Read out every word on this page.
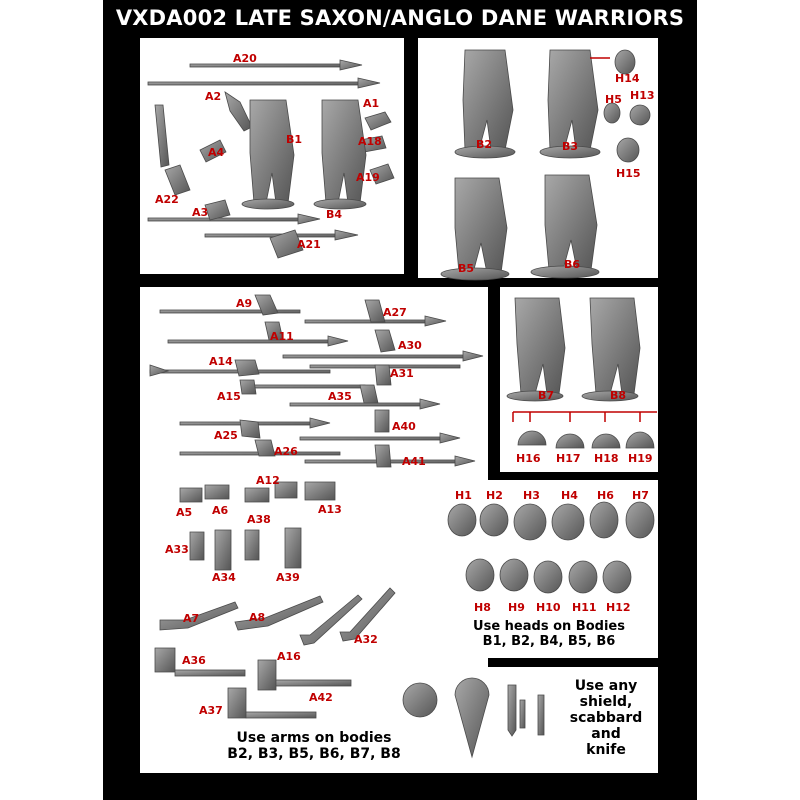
VXDA002 LATE SAXON/ANGLO DANE WARRIORS
A20
A2
A1
B1	A18
A4
A19
A22
A3	B4
A21
H14
H5 H13
B2	B3
H15
B5	B6
A9
A27
A11
A30
A14
A31
A15	A35
A40
A25
A26
A41
A12
A5 A6
A38
A13
A33
A34	A39
A7	A8
A36	A16
A32
A42
A37
Use arms on bodies
B2, B3, B5, B6, B7, B8
B7	B8
H16 H17 H18 H19
H1 H2 H3 H4 H6 H7
H8 H9 H10 H11 H12
Use heads on Bodies
B1, B2, B4, B5, B6
Use any
shield,
scabbard
and
knife
